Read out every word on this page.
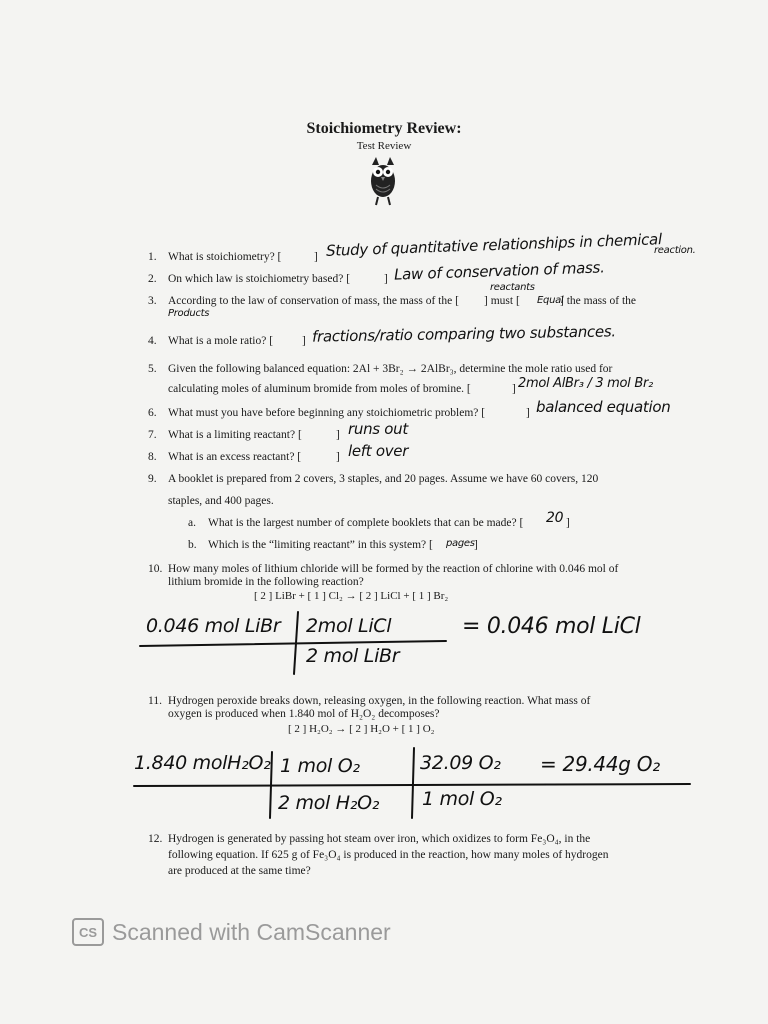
Stoichiometry Review:
Test Review
1. What is stoichiometry? [	] Study of quantitative relationships in chemical
reaction.
2. On which law is stoichiometry based? [	] Law of conservation of mass.
3. According to the law of conservation of mass, the mass of the [
reactants
] must [ Equal
] the mass of the
Products
4. What is a mole ratio? [	] fractions/ratio comparing two substances.
5. Given the following balanced equation: 2Al + 3Br₂ → 2AlBr₃, determine the mole ratio used for
calculating moles of aluminum bromide from moles of bromine. [	] 2mol AlBr₃ / 3 mol Br₂
6. What must you have before beginning any stoichiometric problem? [	] balanced equation
7. What is a limiting reactant? [	] runs out
8. What is an excess reactant? [	] left over
9. A booklet is prepared from 2 covers, 3 staples, and 20 pages. Assume we have 60 covers, 120
staples, and 400 pages.
a. What is the largest number of complete booklets that can be made? [ 20 ]
b. Which is the “limiting reactant” in this system? [ pages ]
10. How many moles of lithium chloride will be formed by the reaction of chlorine with 0.046 mol of
lithium bromide in the following reaction?
[ 2 ] LiBr + [ 1 ] Cl₂ → [ 2 ] LiCl + [ 1 ] Br₂
0.046 mol LiBr 2mol LiCl
2 mol LiBr
= 0.046 mol LiCl
11. Hydrogen peroxide breaks down, releasing oxygen, in the following reaction. What mass of
oxygen is produced when 1.840 mol of H₂O₂ decomposes?
[ 2 ] H₂O₂ → [ 2 ] H₂O + [ 1 ] O₂
1.840 molH₂O₂ 1 mol O₂	32.09 O₂
2 mol H₂O₂ 1 mol O₂
= 29.44g O₂
12. Hydrogen is generated by passing hot steam over iron, which oxidizes to form Fe₃O₄, in the
following equation. If 625 g of Fe₃O₄ is produced in the reaction, how many moles of hydrogen
are produced at the same time?
CS Scanned with CamScanner
